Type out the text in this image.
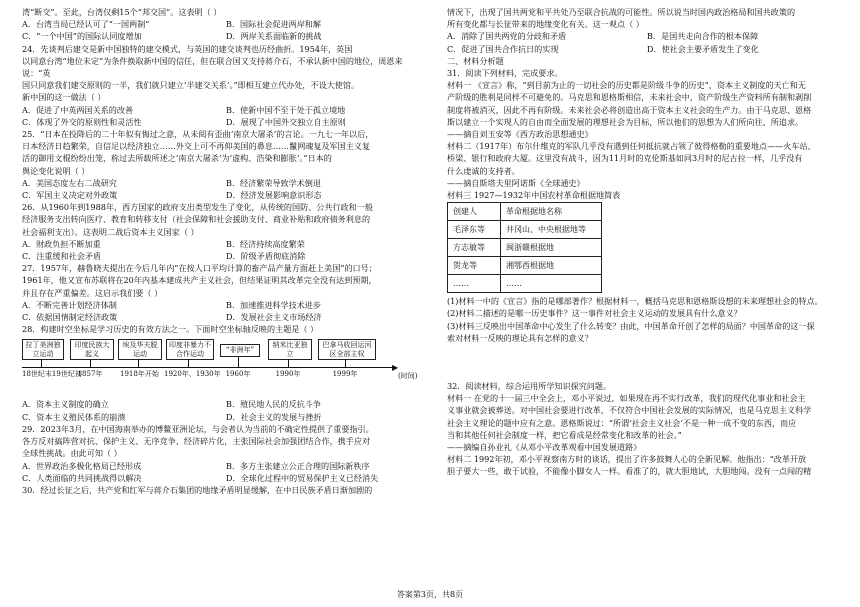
湾“断交”。至此，台湾仅剩15个“邦交国”。这表明（ ）

A．台湾当局已经认可了“一国两制”	B．国际社会促进两岸和解
C．“一个中国”的国际认同度增加	D．两岸关系面临新的挑战

24．先谈判后建交是新中国独特的建交模式，与英国的建交谈判也历经曲折。1954年，英国

以同意台湾“地位未定”为条件换取新中国的信任，但在联合国又支持蒋介石，不承认新中国的地位，周恩来说：“英

国只同意我们建交原则的一半，我们就只建立‘半建交关系’。”即相互建立代办处，不设大使馆。

新中国的这一做法（ ）

A．促进了中英两国关系的改善	B．使新中国不至于处于孤立境地
C．体现了外交的原则性和灵活性	D．展现了中国外交独立自主原则

25．“日本在投降后的二十年似有悔过之意，从未阅有歪曲‘南京大屠杀’的言论。一九七一年以后，

日本经济日趋繁荣，自信足以经济独立……外交上可不再仰美国的鼻息……鬣网魂复及军国主义复

活的御用文棍纷纷出笼，称过去所载所述之‘南京大屠杀’为‘虚构、浩染和膨胀’。”日本的

舆论变化说明（ ）

A．美国态度左右二战研究	B．经济繁荣导致学术倒退
C．军国主义决定对外政策	D．经济发展影响意识形态

26．从1960年到1988年，西方国家的政府支出类型发生了变化，从传统的国防、公共行政和一般

经济服务支出转向医疗、教育和转移支付（社会保障和社会援助支付、商业补贴和政府债务利息的

社会福利支出）。这表明二战后资本主义国家（ ）

A．财政负担不断加重	B．经济持续高度繁荣
C．注重缓和社会矛盾	D．阶级矛盾彻底消除

27．1957年，赫鲁晓夫提出在今后几年内“在按人口平均计算的畜产品产量方面赶上美国”的口号；

1961年，他又宣布苏联将在20年内基本建成共产主义社会，但结果证明其改革完全没有达到预期，

并且存在严重偏差。这启示我们要（ ）

A．不断完善计划经济体制	B．加速推进科学技术进步
C．依据国情制定经济政策	D．发展社会主义市场经济

28．构建时空坐标是学习历史的有效方法之一。下面时空坐标轴反映的主题是（ ）

拉丁美洲独立运动
印度民族大起义
埃及华夫脱运动
印度非暴力不合作运动	“非洲年”
纳米比亚独立
巴拿马收回运河区全部主权
▶
18世纪末19世纪初
1857年	1918年开始 1920年、1930年 1960年	1990年	1999年	(时间)
A．资本主义制度的确立	B．殖民地人民的反抗斗争
C．资本主义殖民体系的崩溃	D．社会主义的发展与挫折

29．2023年3月，在中国海南举办的博鳌亚洲论坛，与会者认为当前的不确定性提供了重要指引。

各方反对搞阵营对抗、保护主义、无序竞争、经济碎片化，主张国际社会加强团结合作，携手应对

全球性挑战。由此可知（ ）

A．世界政治多极化格局已经形成	B．多方主张建立公正合理的国际新秩序
C．人类面临的共同挑战得以解决	D．全球化过程中的贸易保护主义已经消失

30．经过长征之后，共产党和红军与蒋介石集团的地缘矛盾明显缓解，在中日民族矛盾日渐加剧的

情况下，出现了国共两党和平共处乃至联合抗战的可能性。所以说当时国内政治格局和国共政策的

所有变化都与长征带来的地缘变化有关。这一观点（ ）

A．消除了国共两党的分歧和矛盾	B．是国共走向合作的根本保障
C．促进了国共合作抗日的实现	D．使社会主要矛盾发生了变化

二、材料分析题

31．阅读下列材料，完成要求。

材料一 《宣言》称，“到目前为止的一切社会的历史都是阶级斗争的历史”，资本主义制度的天亡和无

产阶级的胜利是同样不可避免的。马克思和恩格斯相信，未来社会中，资产阶级生产资料所有制和剥削

制度将被消灭，因此不再有阶级。未来社会必将创造出高于资本主义社会的生产力。由于马克思、恩格

斯以建立一个实现人的自由而全面发展的理想社会为目标，所以他们的思想为人们所向往、所追求。

——摘自刘玉安等《西方政治思想通史》

材料二（1917年）布尔什维克的军队几乎没有遇到任何抵抗就占领了彼得格勒的重要地点——火车站、

桥梁、银行和政府大厦。这里没有战斗，因为11月时的克伦斯基如同3月时的尼古拉一样，几乎没有

什么虔诚的支持者。

——摘自斯塔夫里阿诺斯《全球通史》

材料三 1927—1932年中国农村革命根据地简表

创建人	革命根据地名称
毛泽东等	井冈山、中央根据地等
方志敏等	闽浙赣根据地
贺龙等	湘鄂西根据地
……	……

(1)材料一中的《宣言》指的是哪部著作？根据材料一，概括马克思和恩格斯设想的未来理想社会的特点。

(2)材料二描述的是哪一历史事件？这一事件对社会主义运动的发展具有什么意义？

(3)材料三反映出中国革命中心发生了什么转变？由此，中国革命开创了怎样的局面？中国革命的这一探

索对材料一反映的理论具有怎样的意义？

32．阅读材料，综合运用所学知识探究问题。

材料一 在党的十一届三中全会上，邓小平说过，如果现在再不实行改革，我们的现代化事业和社会主

义事业就会被葬送。对中国社会要进行改革，不仅符合中国社会发展的实际情况，也是马克思主义科学

社会主义理论的题中应有之意。恩格斯说过：“所谓‘社会主义社会’不是一种一成不变的东西，而应

当和其他任何社会制度一样，把它看成是经常变化和改革的社会。”

——摘编自孙业礼《从邓小平改革观看中国发展道路》

材料二 1992年初，邓小平视察南方时的谈话，提出了许多鼓舞人心的全新见解。他指出：“改革开放

胆子要大一些，敢于试验，不能像小脚女人一样。看准了的，就大胆地试，大胆地闯。没有一点闯的精

答案第3页，共8页
